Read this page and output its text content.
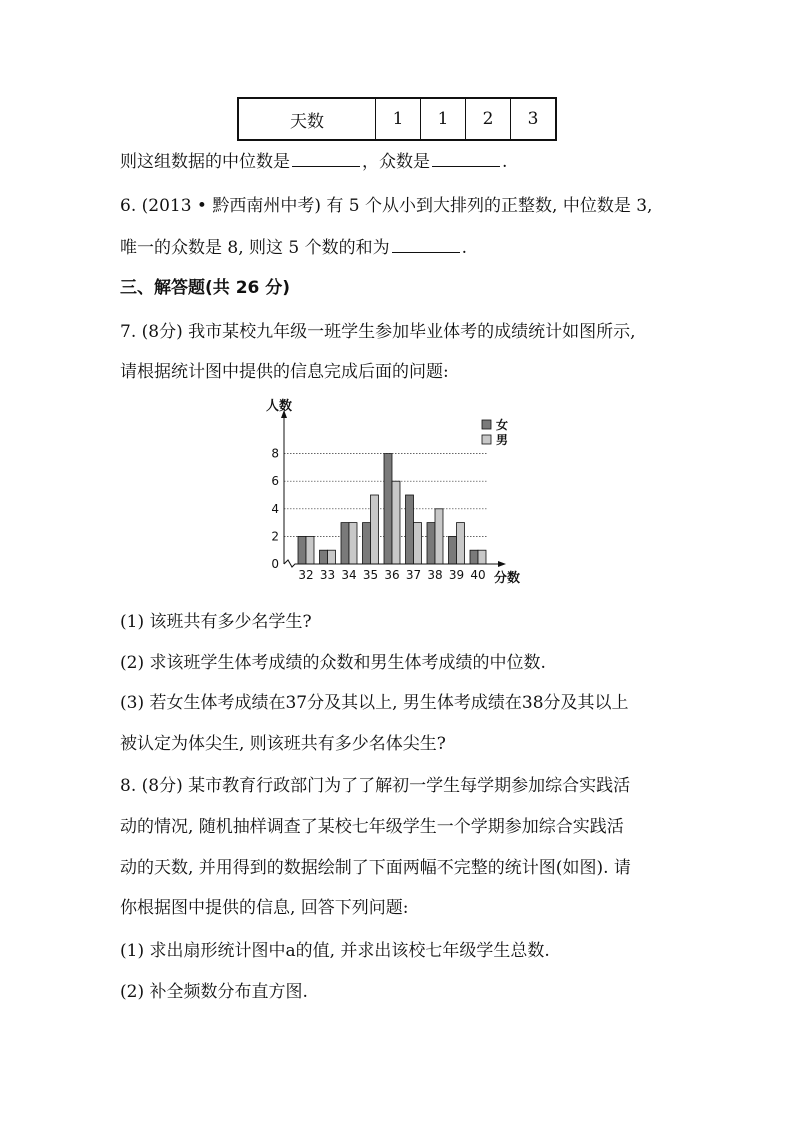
天数	1	1	2	3
则这组数据的中位数是	，众数是	.
6. (2013 • 黔西南州中考) 有 5 个从小到大排列的正整数, 中位数是 3,
唯一的众数是 8, 则这 5 个数的和为	.
三、解答题(共 26 分)
7. (8分) 我市某校九年级一班学生参加毕业体考的成绩统计如图所示,
请根据统计图中提供的信息完成后面的问题:
0
2
4
6
8
32 33 34 35 36 37 38 39 40
人数
分数
女
男
(1) 该班共有多少名学生?
(2) 求该班学生体考成绩的众数和男生体考成绩的中位数.
(3) 若女生体考成绩在37分及其以上, 男生体考成绩在38分及其以上
被认定为体尖生, 则该班共有多少名体尖生?
8. (8分) 某市教育行政部门为了了解初一学生每学期参加综合实践活
动的情况, 随机抽样调查了某校七年级学生一个学期参加综合实践活
动的天数, 并用得到的数据绘制了下面两幅不完整的统计图(如图). 请
你根据图中提供的信息, 回答下列问题:
(1) 求出扇形统计图中a的值, 并求出该校七年级学生总数.
(2) 补全频数分布直方图.
